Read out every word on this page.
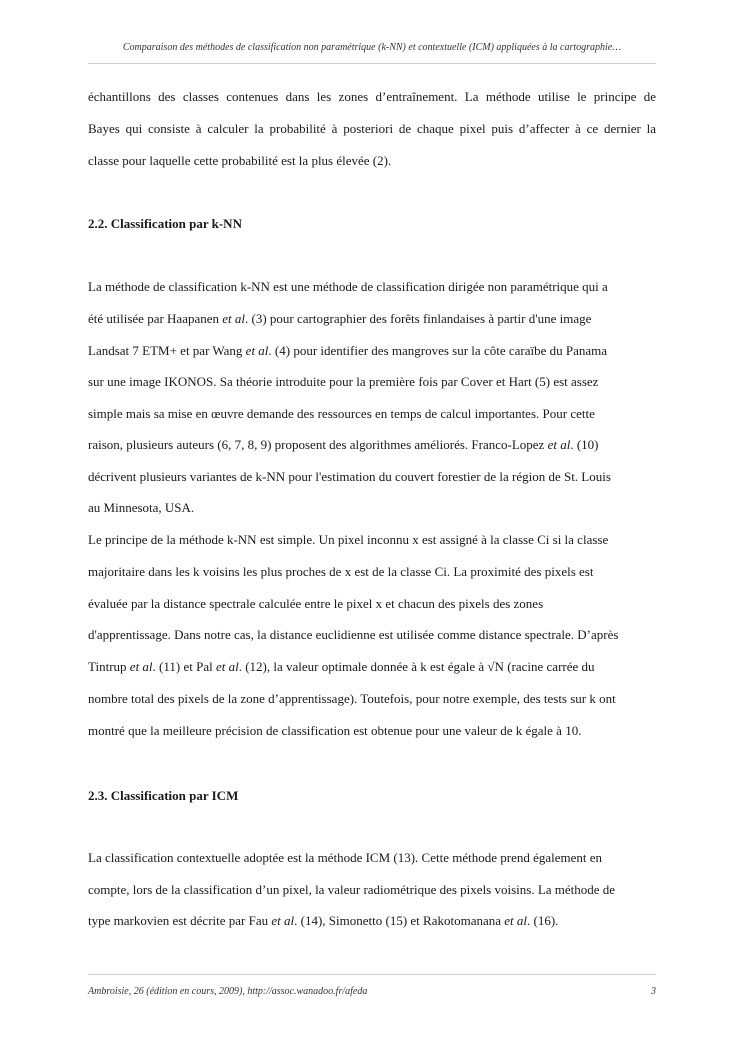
Comparaison des méthodes de classification non paramétrique (k-NN) et contextuelle (ICM) appliquées à la cartographie…
échantillons des classes contenues dans les zones d’entraînement. La méthode utilise le principe de
Bayes qui consiste à calculer la probabilité à posteriori de chaque pixel puis d’affecter à ce dernier la
classe pour laquelle cette probabilité est la plus élevée (2).
2.2. Classification par k-NN
La méthode de classification k-NN est une méthode de classification dirigée non paramétrique qui a
été utilisée par Haapanen et al. (3) pour cartographier des forêts finlandaises à partir d'une image
Landsat 7 ETM+ et par Wang et al. (4) pour identifier des mangroves sur la côte caraïbe du Panama
sur une image IKONOS. Sa théorie introduite pour la première fois par Cover et Hart (5) est assez
simple mais sa mise en œuvre demande des ressources en temps de calcul importantes. Pour cette
raison, plusieurs auteurs (6, 7, 8, 9) proposent des algorithmes améliorés. Franco-Lopez et al. (10)
décrivent plusieurs variantes de k-NN pour l'estimation du couvert forestier de la région de St. Louis
au Minnesota, USA.
Le principe de la méthode k-NN est simple. Un pixel inconnu x est assigné à la classe Ci si la classe
majoritaire dans les k voisins les plus proches de x est de la classe Ci. La proximité des pixels est
évaluée par la distance spectrale calculée entre le pixel x et chacun des pixels des zones
d'apprentissage. Dans notre cas, la distance euclidienne est utilisée comme distance spectrale. D’après
Tintrup et al. (11) et Pal et al. (12), la valeur optimale donnée à k est égale à √N (racine carrée du
nombre total des pixels de la zone d’apprentissage). Toutefois, pour notre exemple, des tests sur k ont
montré que la meilleure précision de classification est obtenue pour une valeur de k égale à 10.
2.3. Classification par ICM
La classification contextuelle adoptée est la méthode ICM (13). Cette méthode prend également en
compte, lors de la classification d’un pixel, la valeur radiométrique des pixels voisins. La méthode de
type markovien est décrite par Fau et al. (14), Simonetto (15) et Rakotomanana et al. (16).
Ambroisie, 26 (édition en cours, 2009), http://assoc.wanadoo.fr/afeda	3
